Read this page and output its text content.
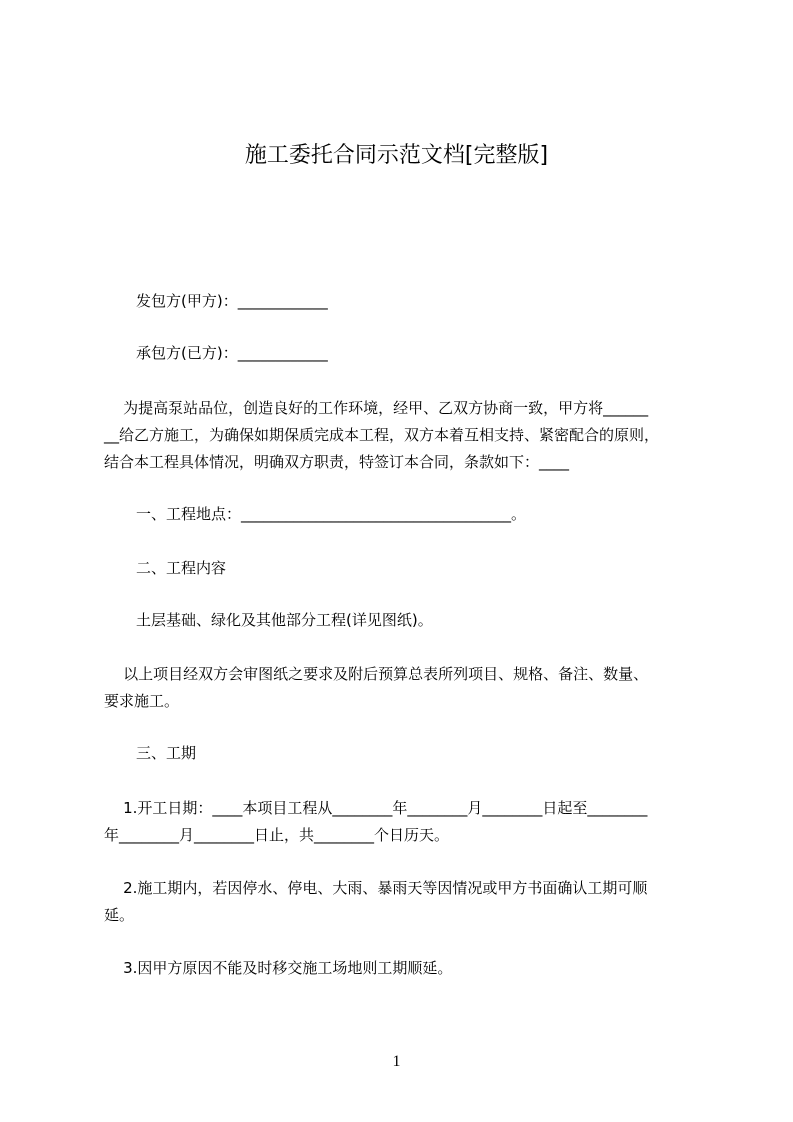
施工委托合同示范文档[完整版]
发包方(甲方)：____________
承包方(已方)：____________
为提高泵站品位，创造良好的工作环境，经甲、乙双方协商一致，甲方将______
__给乙方施工，为确保如期保质完成本工程，双方本着互相支持、紧密配合的原则，
结合本工程具体情况，明确双方职责，特签订本合同，条款如下：____
一、工程地点：____________________________________。
二、工程内容
土层基础、绿化及其他部分工程(详见图纸)。
以上项目经双方会审图纸之要求及附后预算总表所列项目、规格、备注、数量、
要求施工。
三、工期
1.开工日期：____本项目工程从________年________月________日起至________
年________月________日止，共________个日历天。
2.施工期内，若因停水、停电、大雨、暴雨天等因情况或甲方书面确认工期可顺
延。
3.因甲方原因不能及时移交施工场地则工期顺延。
1
